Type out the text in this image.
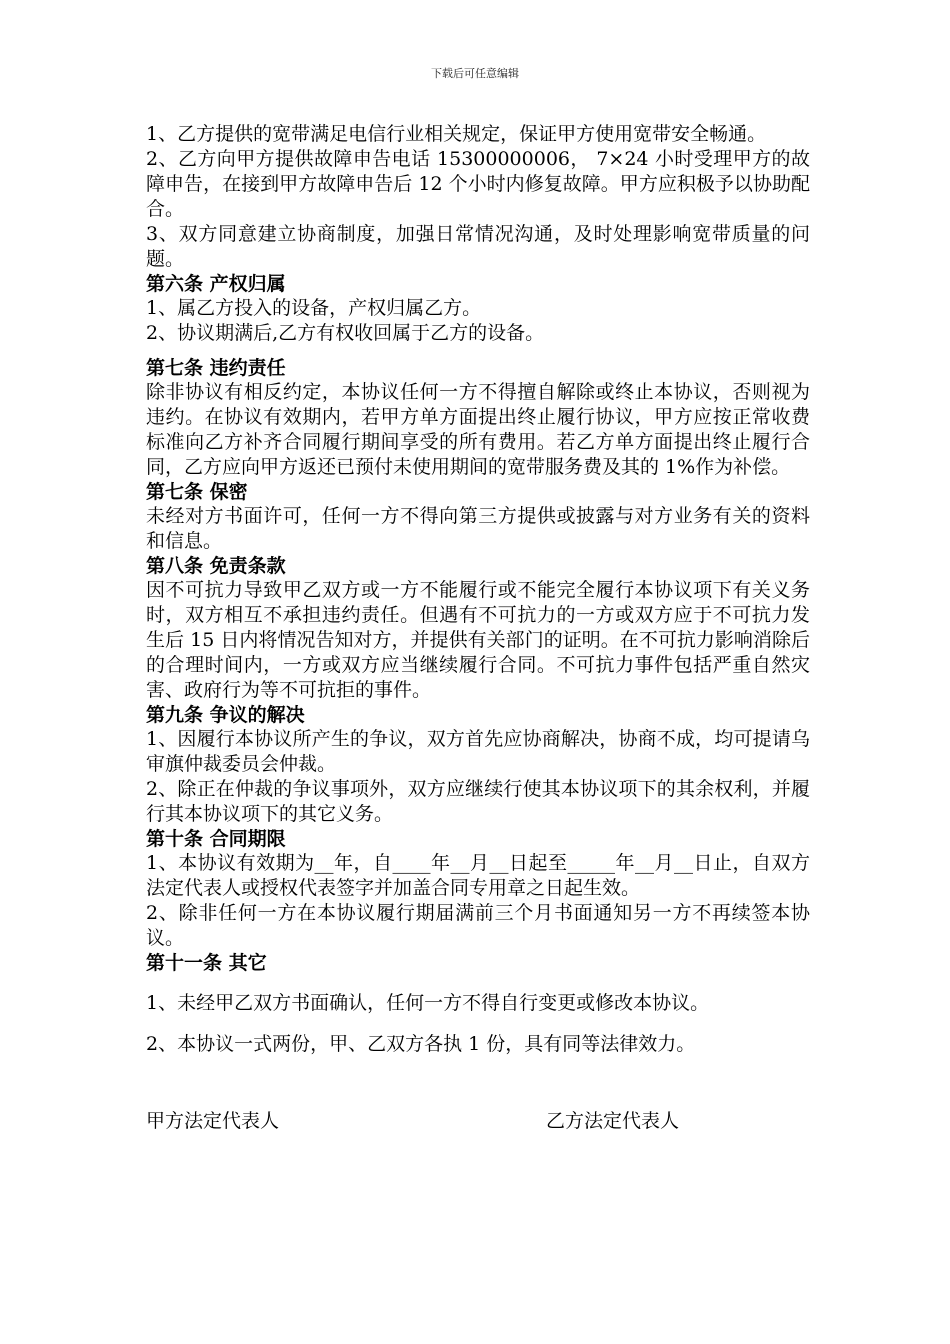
下载后可任意编辑

1、乙方提供的宽带满足电信行业相关规定，保证甲方使用宽带安全畅通。

2、乙方向甲方提供故障申告电话 15300000006， 7×24 小时受理甲方的故障申告，在接到甲方故障申告后 12 个小时内修复故障。甲方应积极予以协助配合。

3、双方同意建立协商制度，加强日常情况沟通，及时处理影响宽带质量的问题。

第六条 产权归属

1、属乙方投入的设备，产权归属乙方。

2、协议期满后,乙方有权收回属于乙方的设备。

第七条 违约责任

除非协议有相反约定，本协议任何一方不得擅自解除或终止本协议，否则视为违约。在协议有效期内，若甲方单方面提出终止履行协议，甲方应按正常收费标准向乙方补齐合同履行期间享受的所有费用。若乙方单方面提出终止履行合同，乙方应向甲方返还已预付未使用期间的宽带服务费及其的 1%作为补偿。

第七条 保密

未经对方书面许可，任何一方不得向第三方提供或披露与对方业务有关的资料和信息。

第八条 免责条款

因不可抗力导致甲乙双方或一方不能履行或不能完全履行本协议项下有关义务时，双方相互不承担违约责任。但遇有不可抗力的一方或双方应于不可抗力发生后 15 日内将情况告知对方，并提供有关部门的证明。在不可抗力影响消除后的合理时间内，一方或双方应当继续履行合同。不可抗力事件包括严重自然灾害、政府行为等不可抗拒的事件。

第九条 争议的解决

1、因履行本协议所产生的争议，双方首先应协商解决，协商不成，均可提请乌审旗仲裁委员会仲裁。

2、除正在仲裁的争议事项外，双方应继续行使其本协议项下的其余权利，并履行其本协议项下的其它义务。

第十条 合同期限

1、本协议有效期为__年，自____年__月__日起至_____年__月__日止，自双方法定代表人或授权代表签字并加盖合同专用章之日起生效。

2、除非任何一方在本协议履行期届满前三个月书面通知另一方不再续签本协议。

第十一条 其它

1、未经甲乙双方书面确认，任何一方不得自行变更或修改本协议。

2、本协议一式两份，甲、乙双方各执 1 份，具有同等法律效力。

甲方法定代表人	乙方法定代表人
